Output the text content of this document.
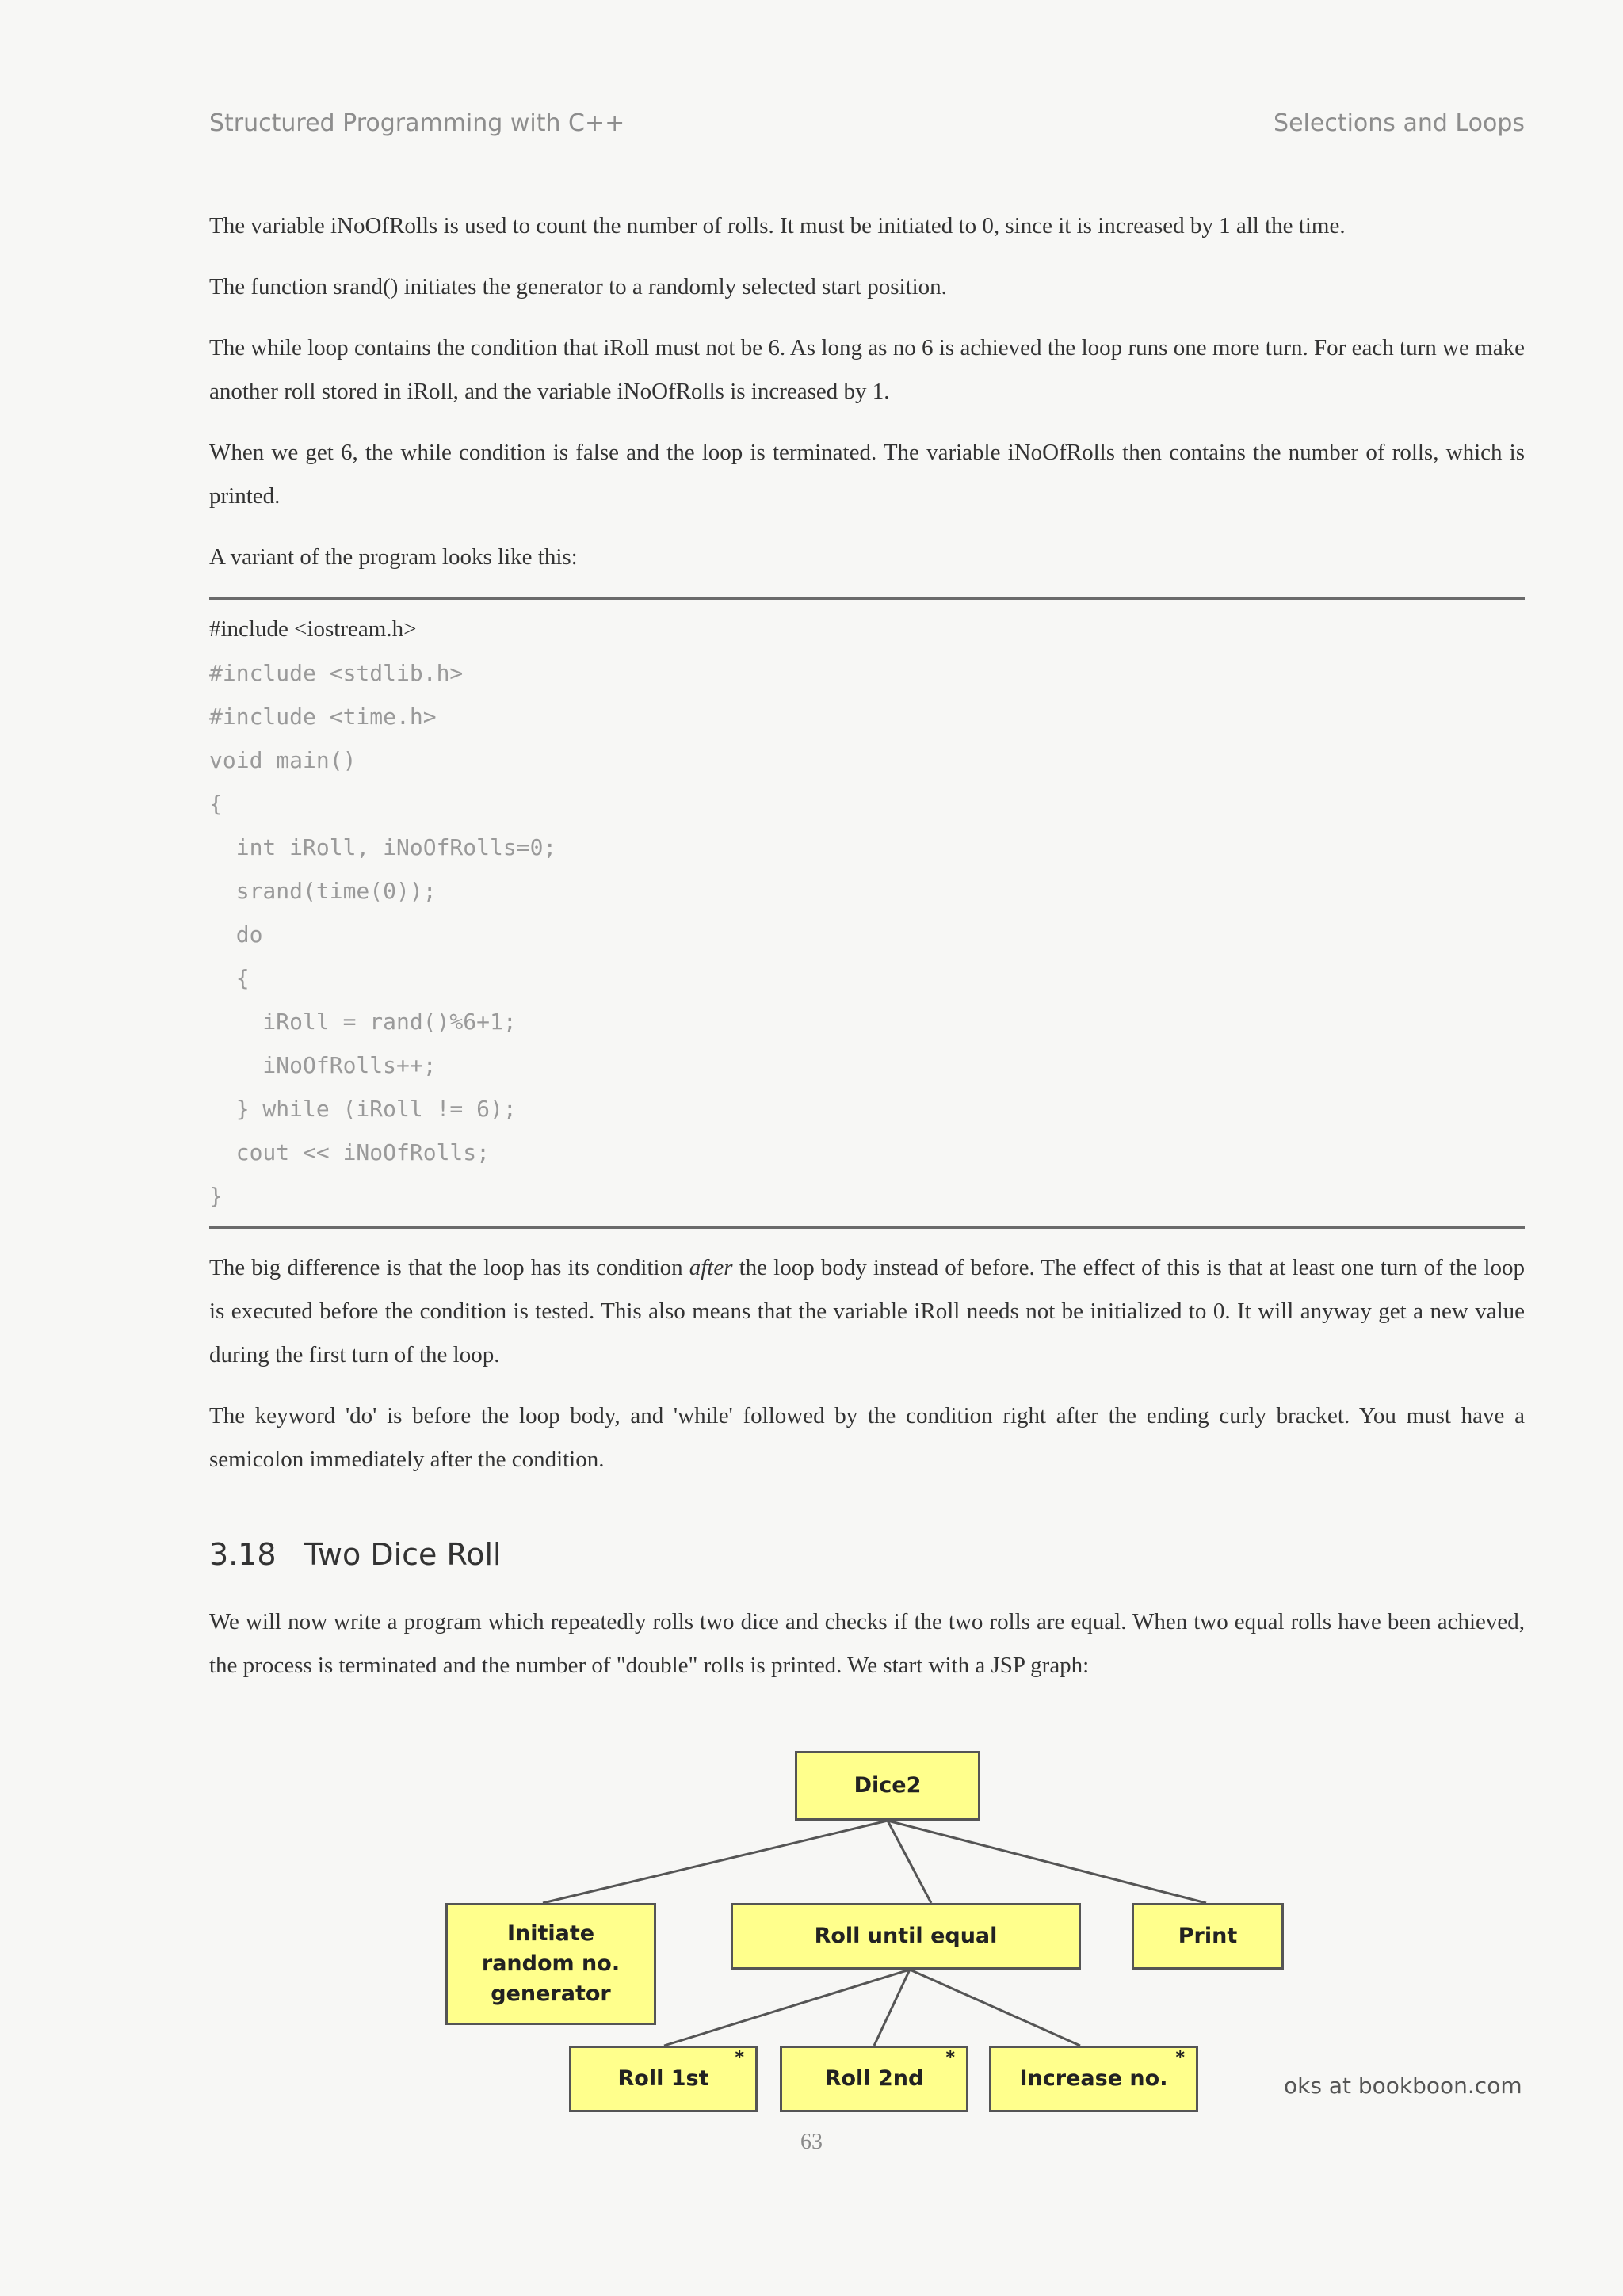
Structured Programming with C++	Selections and Loops

The variable iNoOfRolls is used to count the number of rolls. It must be initiated to 0, since it is increased by 1 all the time.

The function srand() initiates the generator to a randomly selected start position.

The while loop contains the condition that iRoll must not be 6. As long as no 6 is achieved the loop runs one more turn. For each turn we make another roll stored in iRoll, and the variable iNoOfRolls is increased by 1.

When we get 6, the while condition is false and the loop is terminated. The variable iNoOfRolls then contains the number of rolls, which is printed.

A variant of the program looks like this:

#include <iostream.h>
#include <stdlib.h>
#include <time.h>
void main()
{
int iRoll, iNoOfRolls=0;
srand(time(0));
do
{
iRoll = rand()%6+1;
iNoOfRolls++;
} while (iRoll != 6);
cout << iNoOfRolls;
}

The big difference is that the loop has its condition after the loop body instead of before. The effect of this is that at least one turn of the loop is executed before the condition is tested. This also means that the variable iRoll needs not be initialized to 0. It will anyway get a new value during the first turn of the loop.

The keyword 'do' is before the loop body, and 'while' followed by the condition right after the ending curly bracket. You must have a semicolon immediately after the condition.

3.18 Two Dice Roll

We will now write a program which repeatedly rolls two dice and checks if the two rolls are equal. When two equal rolls have been achieved, the process is terminated and the number of "double" rolls is printed. We start with a JSP graph:

Dice2
Initiate random no. generator
Roll until equal	Print
Roll 1st
*
Roll 2nd
*
Increase no.
*
oks at bookboon.com
63
